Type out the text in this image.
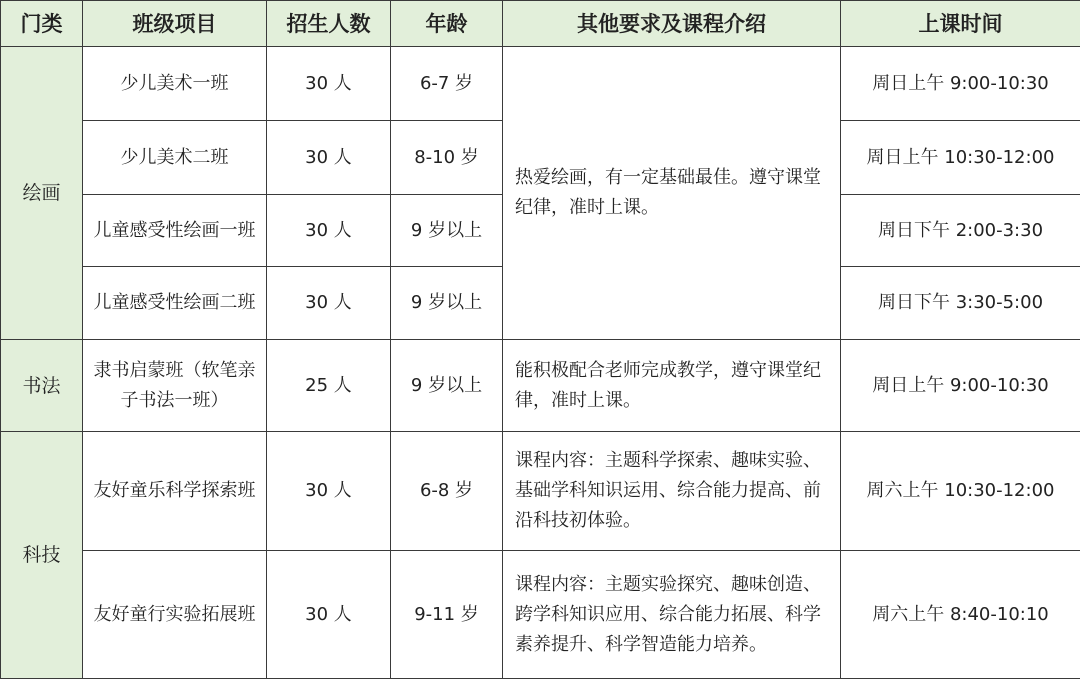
门类	班级项目	招生人数	年龄	其他要求及课程介绍	上课时间
绘画	少儿美术一班	30 人	6-7 岁	热爱绘画，有一定基础最佳。遵守课堂纪律，准时上课。	周日上午 9:00-10:30
	少儿美术二班	30 人	8-10 岁		周日上午 10:30-12:00
	儿童感受性绘画一班	30 人	9 岁以上		周日下午 2:00-3:30
	儿童感受性绘画二班	30 人	9 岁以上		周日下午 3:30-5:00
书法	隶书启蒙班（软笔亲子书法一班）	25 人	9 岁以上	能积极配合老师完成教学，遵守课堂纪律，准时上课。	周日上午 9:00-10:30
科技	友好童乐科学探索班	30 人	6-8 岁	课程内容：主题科学探索、趣味实验、基础学科知识运用、综合能力提高、前沿科技初体验。	周六上午 10:30-12:00
	友好童行实验拓展班	30 人	9-11 岁	课程内容：主题实验探究、趣味创造、跨学科知识应用、综合能力拓展、科学素养提升、科学智造能力培养。	周六上午 8:40-10:10
